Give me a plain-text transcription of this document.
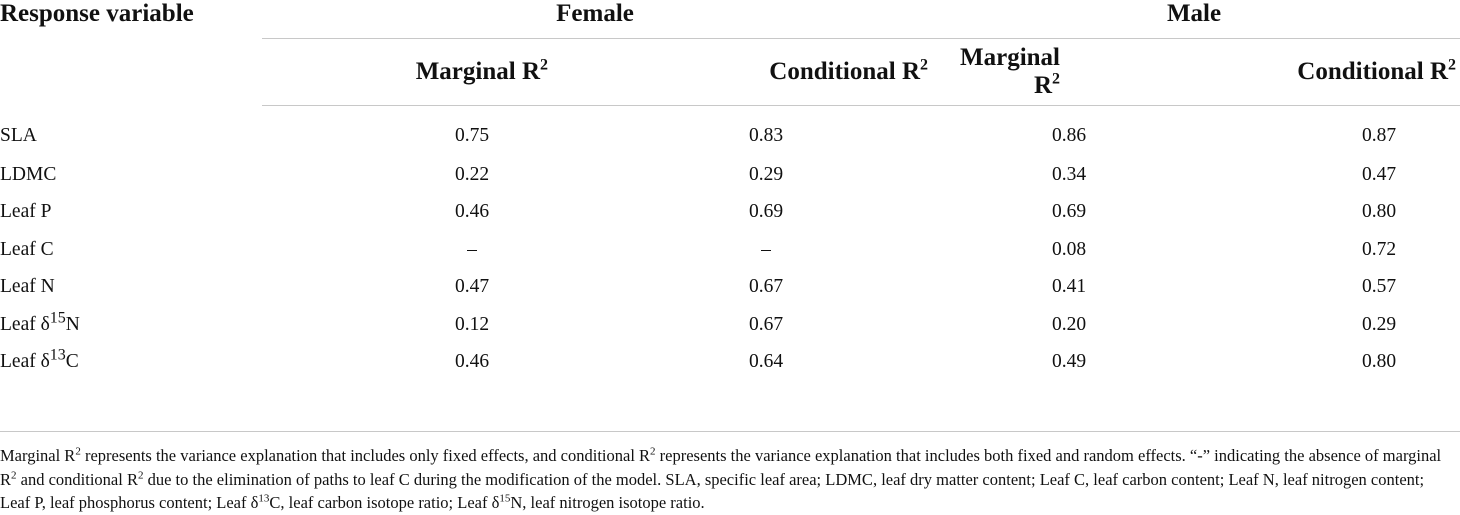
Response variable	Female		Male	
	Marginal $R^2$	Conditional $R^2$	Marginal $R^2$	Conditional $R^2$
SLA	0.75	0.83	0.86	0.87
LDMC	0.22	0.29	0.34	0.47
Leaf P	0.46	0.69	0.69	0.80
Leaf C	–	–	0.08	0.72
Leaf N	0.47	0.67	0.41	0.57
Leaf $\delta^{15}N$	0.12	0.67	0.20	0.29
Leaf $\delta^{13}C$	0.46	0.64	0.49	0.80

Marginal $R^2$ represents the variance explanation that includes only fixed effects, and conditional $R^2$ represents the variance explanation that includes both fixed and random effects. “-” indicating the absence of marginal $R^2$ and conditional $R^2$ due to the elimination of paths to leaf C during the modification of the model. SLA, specific leaf area; LDMC, leaf dry matter content; Leaf C, leaf carbon content; Leaf N, leaf nitrogen content; Leaf P, leaf phosphorus content; Leaf $\delta^{13}C$, leaf carbon isotope ratio; Leaf $\delta^{15}N$, leaf nitrogen isotope ratio.
